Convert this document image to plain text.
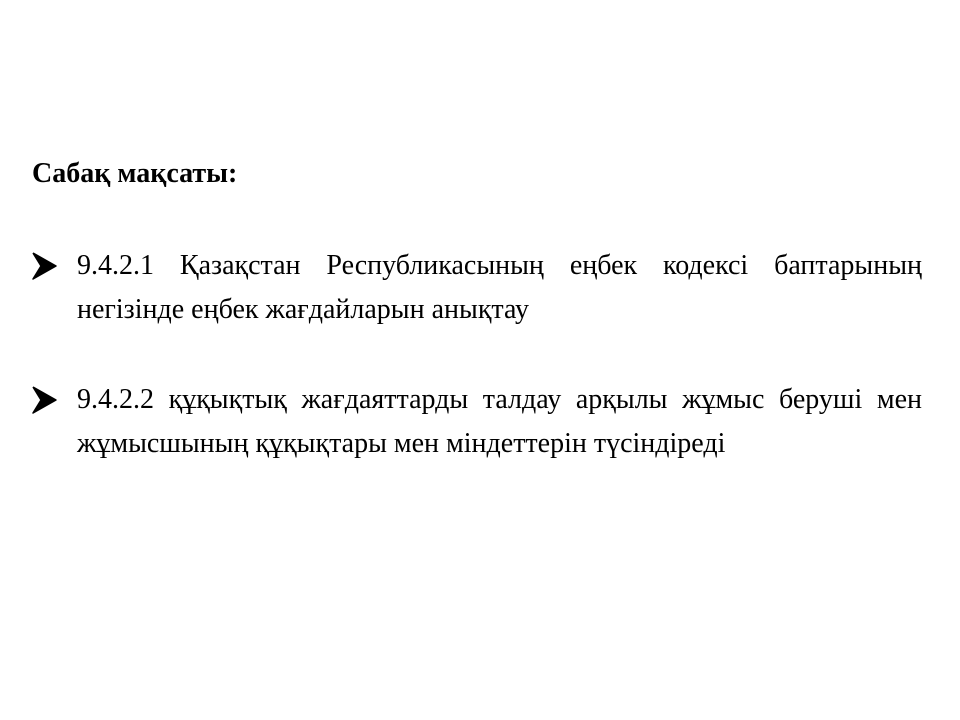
Сабақ мақсаты:
9.4.2.1 Қазақстан Республикасының еңбек кодексі баптарының негізінде еңбек жағдайларын анықтау
9.4.2.2 құқықтық жағдаяттарды талдау арқылы жұмыс беруші мен жұмысшының құқықтары мен міндеттерін түсіндіреді
